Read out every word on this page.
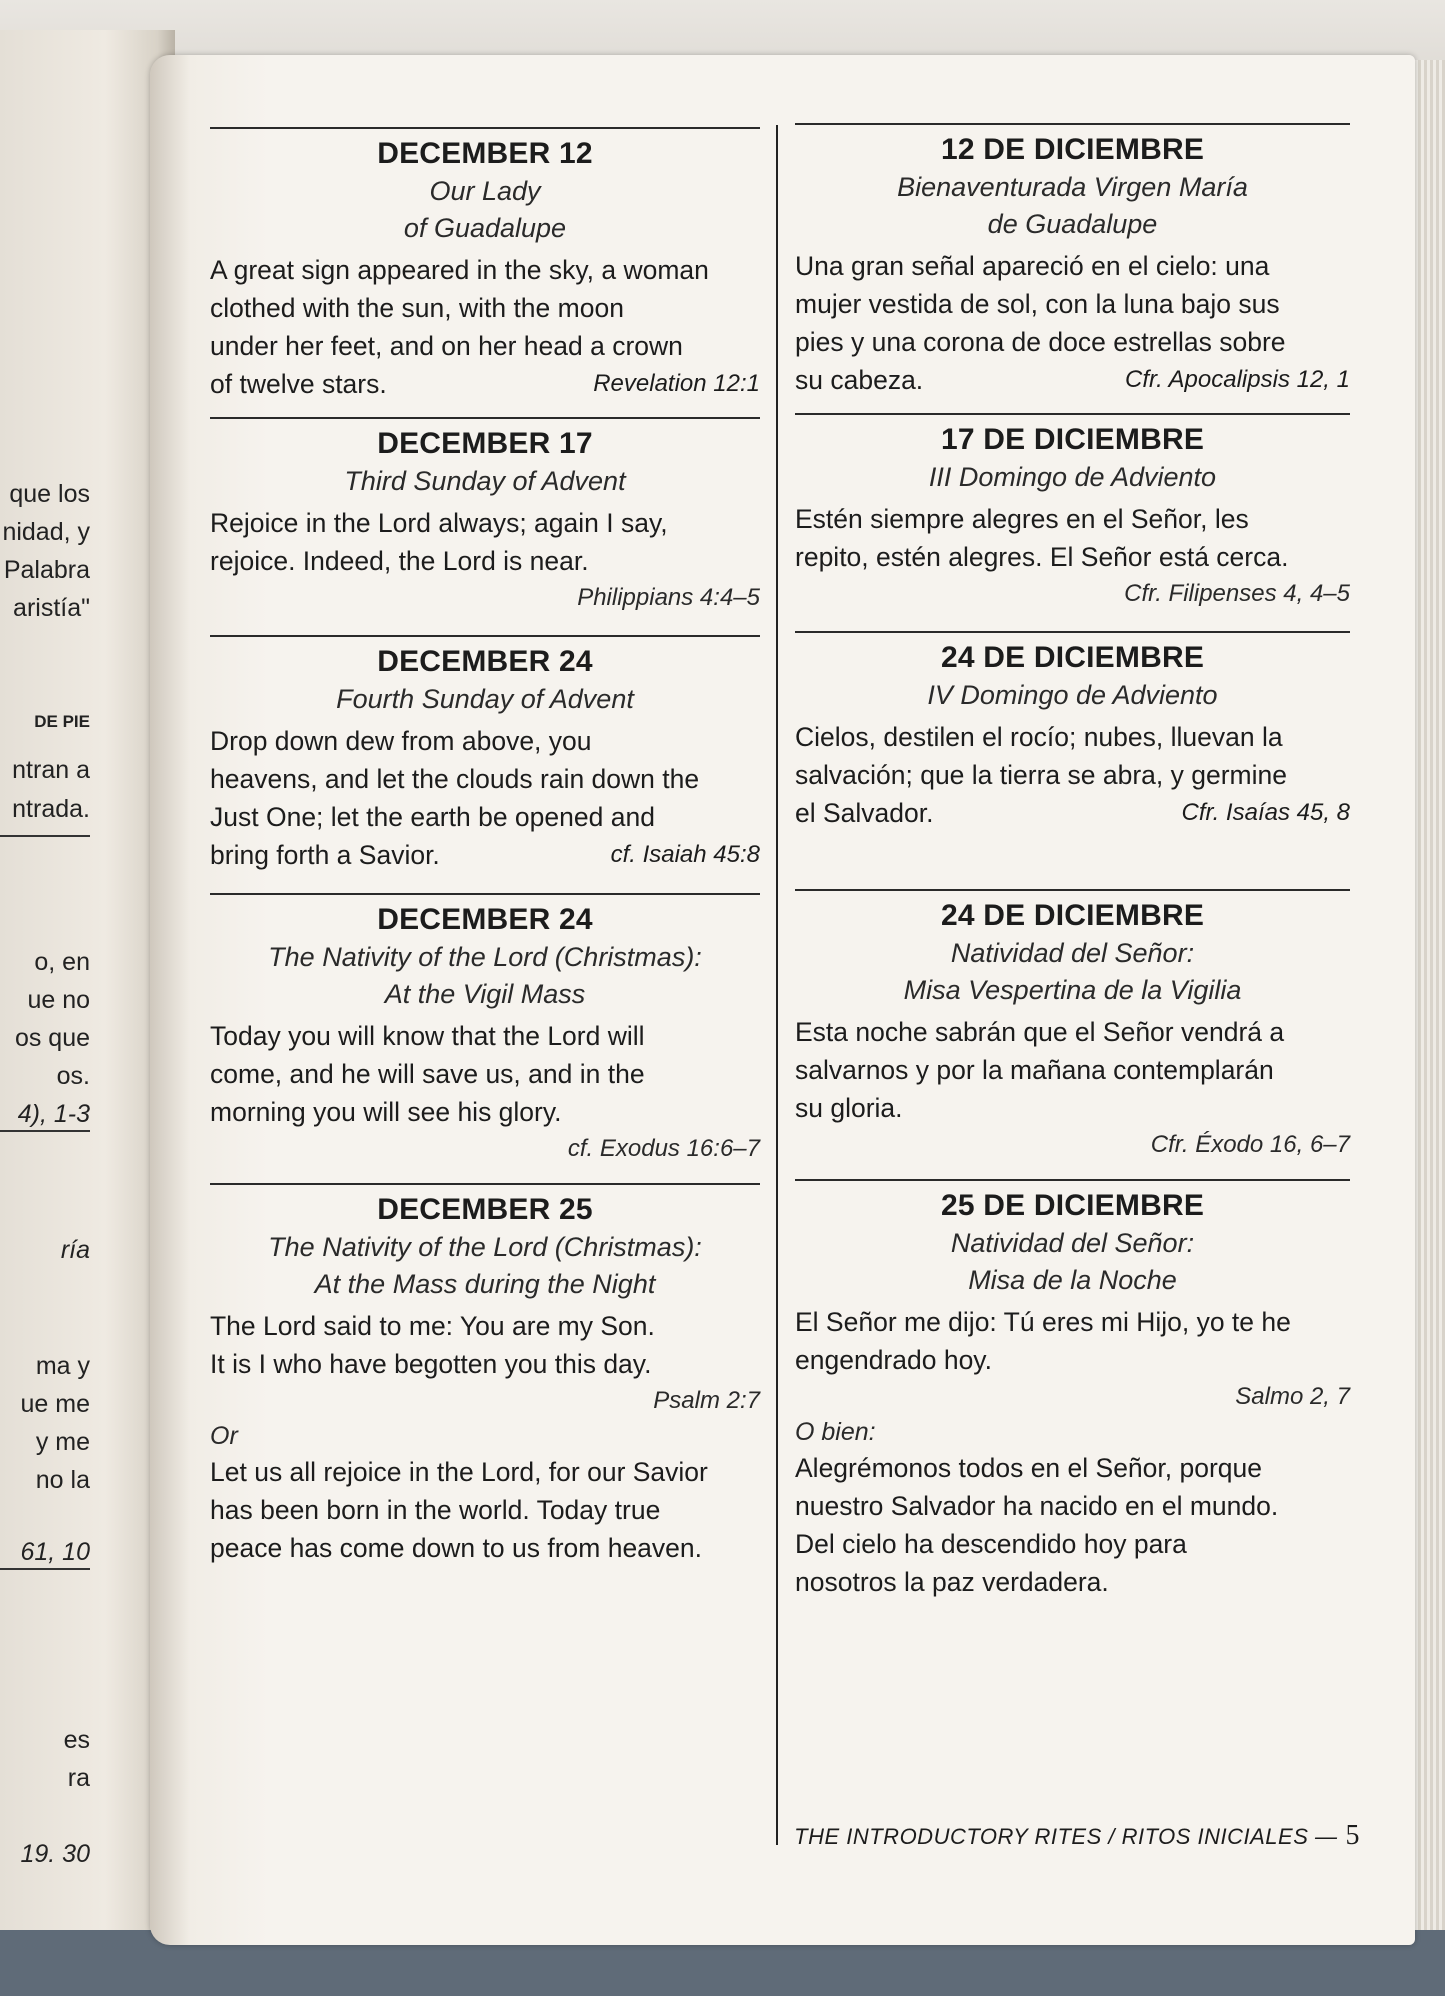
que los
nidad, y
Palabra
aristía"
DE PIE
ntran a
ntrada.
o, en
ue no
os que
os.
4), 1-3
ría
ma y
ue me
y me
no la
61, 10
es
ra
19. 30
DECEMBER 12
Our Lady
of Guadalupe
A great sign appeared in the sky, a woman
clothed with the sun, with the moon
under her feet, and on her head a crown
Revelation 12:1
of twelve stars.
DECEMBER 17
Third Sunday of Advent
Rejoice in the Lord always; again I say,
rejoice. Indeed, the Lord is near.
Philippians 4:4–5
DECEMBER 24
Fourth Sunday of Advent
Drop down dew from above, you
heavens, and let the clouds rain down the
Just One; let the earth be opened and
cf. Isaiah 45:8
bring forth a Savior.
DECEMBER 24
The Nativity of the Lord (Christmas):
At the Vigil Mass
Today you will know that the Lord will
come, and he will save us, and in the
morning you will see his glory.
cf. Exodus 16:6–7
DECEMBER 25
The Nativity of the Lord (Christmas):
At the Mass during the Night
The Lord said to me: You are my Son.
It is I who have begotten you this day.
Psalm 2:7
Or
Let us all rejoice in the Lord, for our Savior
has been born in the world. Today true
peace has come down to us from heaven.
12 DE DICIEMBRE
Bienaventurada Virgen María
de Guadalupe
Una gran señal apareció en el cielo: una
mujer vestida de sol, con la luna bajo sus
pies y una corona de doce estrellas sobre
Cfr. Apocalipsis 12, 1
su cabeza.
17 DE DICIEMBRE
III Domingo de Adviento
Estén siempre alegres en el Señor, les
repito, estén alegres. El Señor está cerca.
Cfr. Filipenses 4, 4–5
24 DE DICIEMBRE
IV Domingo de Adviento
Cielos, destilen el rocío; nubes, lluevan la
salvación; que la tierra se abra, y germine
Cfr. Isaías 45, 8
el Salvador.
24 DE DICIEMBRE
Natividad del Señor:
Misa Vespertina de la Vigilia
Esta noche sabrán que el Señor vendrá a
salvarnos y por la mañana contemplarán
su gloria.
Cfr. Éxodo 16, 6–7
25 DE DICIEMBRE
Natividad del Señor:
Misa de la Noche
El Señor me dijo: Tú eres mi Hijo, yo te he
engendrado hoy.
Salmo 2, 7
O bien:
Alegrémonos todos en el Señor, porque
nuestro Salvador ha nacido en el mundo.
Del cielo ha descendido hoy para
nosotros la paz verdadera.
THE INTRODUCTORY RITES / RITOS INICIALES — 5
